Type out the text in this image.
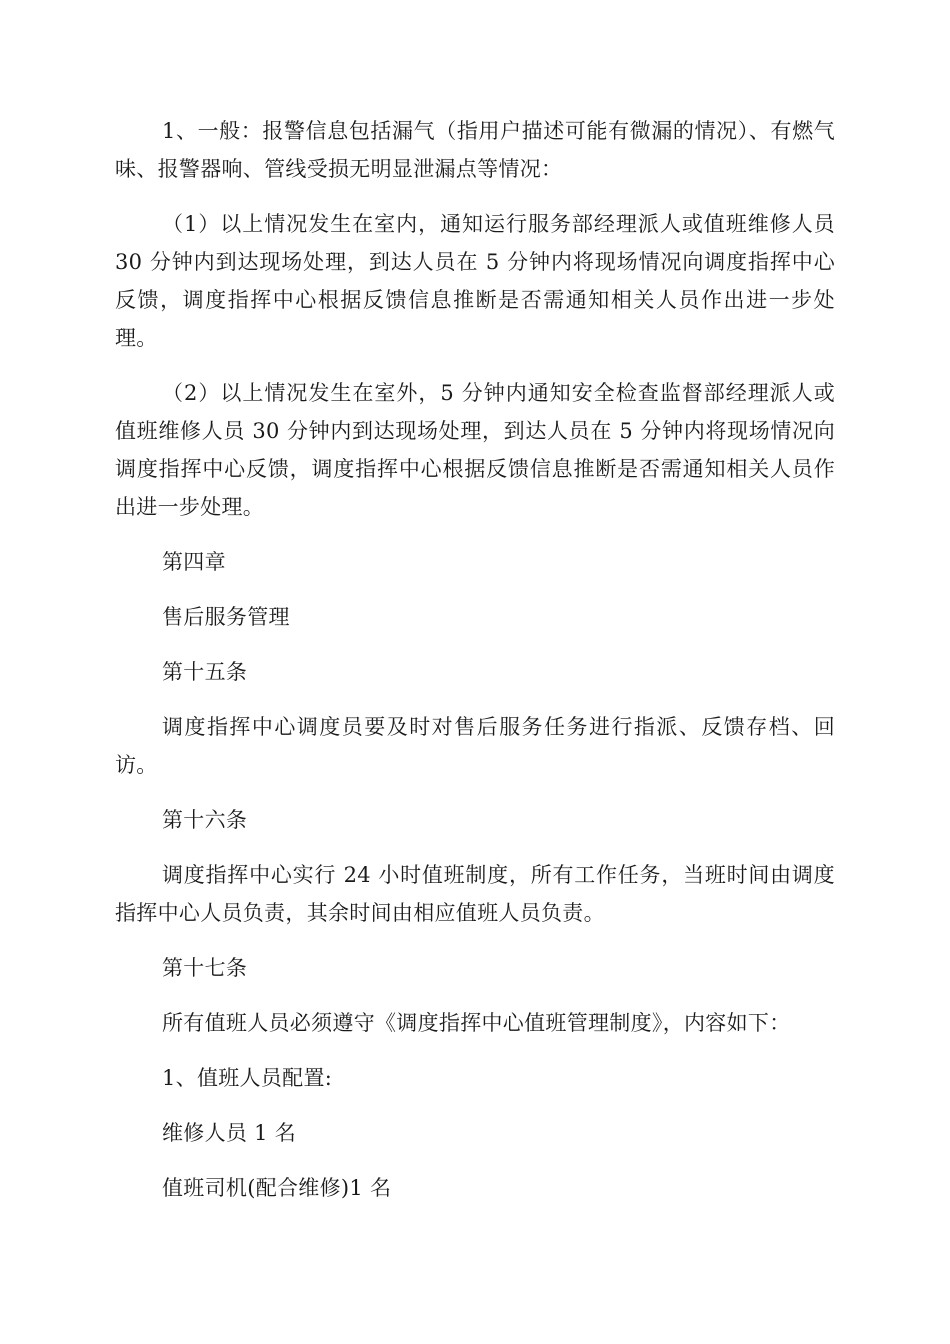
1、一般：报警信息包括漏气（指用户描述可能有微漏的情况）、有燃气味、报警器响、管线受损无明显泄漏点等情况：

（1）以上情况发生在室内，通知运行服务部经理派人或值班维修人员 30 分钟内到达现场处理，到达人员在 5 分钟内将现场情况向调度指挥中心反馈，调度指挥中心根据反馈信息推断是否需通知相关人员作出进一步处理。

（2）以上情况发生在室外，5 分钟内通知安全检查监督部经理派人或值班维修人员 30 分钟内到达现场处理，到达人员在 5 分钟内将现场情况向调度指挥中心反馈，调度指挥中心根据反馈信息推断是否需通知相关人员作出进一步处理。

第四章

售后服务管理

第十五条

调度指挥中心调度员要及时对售后服务任务进行指派、反馈存档、回访。

第十六条

调度指挥中心实行 24 小时值班制度，所有工作任务，当班时间由调度指挥中心人员负责，其余时间由相应值班人员负责。

第十七条

所有值班人员必须遵守《调度指挥中心值班管理制度》，内容如下：

1、值班人员配置:

维修人员 1 名

值班司机(配合维修)1 名
